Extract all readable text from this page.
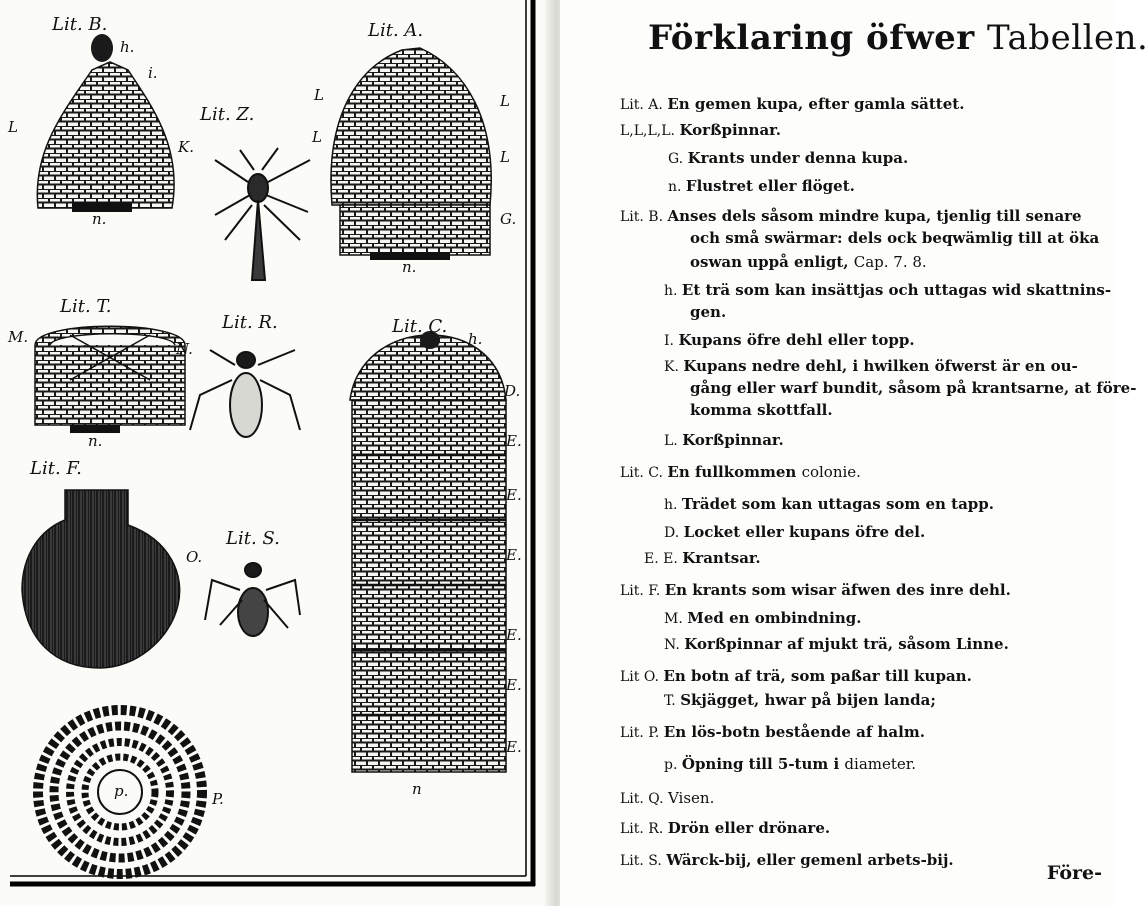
Lit. B.
h.
i.
L
K.
n.
Lit. Z.
Lit. A.
L	L
L
L
G.
n.
Lit. T.
M.
n.
Lit. R.
N.
Lit. C.
h.
D.
E.
E.
E.
E.
E.
E.
n
Lit. F.
O.
Lit. S.
p.	P.
Förklaring öfwer Tabellen.
Lit. A. En gemen kupa, efter gamla sättet.
L,L,L,L. Korßpinnar.
G. Krants under denna kupa.
n. Flustret eller flöget.
Lit. B. Anses dels såsom mindre kupa, tjenlig till senare
och små swärmar: dels ock beqwämlig till at öka
oswan uppå enligt, Cap. 7. 8.
h. Et trä som kan insättjas och uttagas wid skattnins-
gen.
I. Kupans öfre dehl eller topp.
K. Kupans nedre dehl, i hwilken öfwerst är en ou-
gång eller warf bundit, såsom på krantsarne, at före-
komma skottfall.
L. Korßpinnar.
Lit. C. En fullkommen colonie.
h. Trädet som kan uttagas som en tapp.
D. Locket eller kupans öfre del.
E. E. Krantsar.
Lit. F. En krants som wisar äfwen des inre dehl.
M. Med en ombindning.
N. Korßpinnar af mjukt trä, såsom Linne.
Lit O. En botn af trä, som paßar till kupan.
T. Skjägget, hwar på bijen landa;
Lit. P. En lös-botn bestående af halm.
p. Öpning till 5-tum i diameter.
Lit. Q. Visen.
Lit. R. Drön eller drönare.
Lit. S. Wärck-bij, eller gemenl arbets-bij.
Före-
